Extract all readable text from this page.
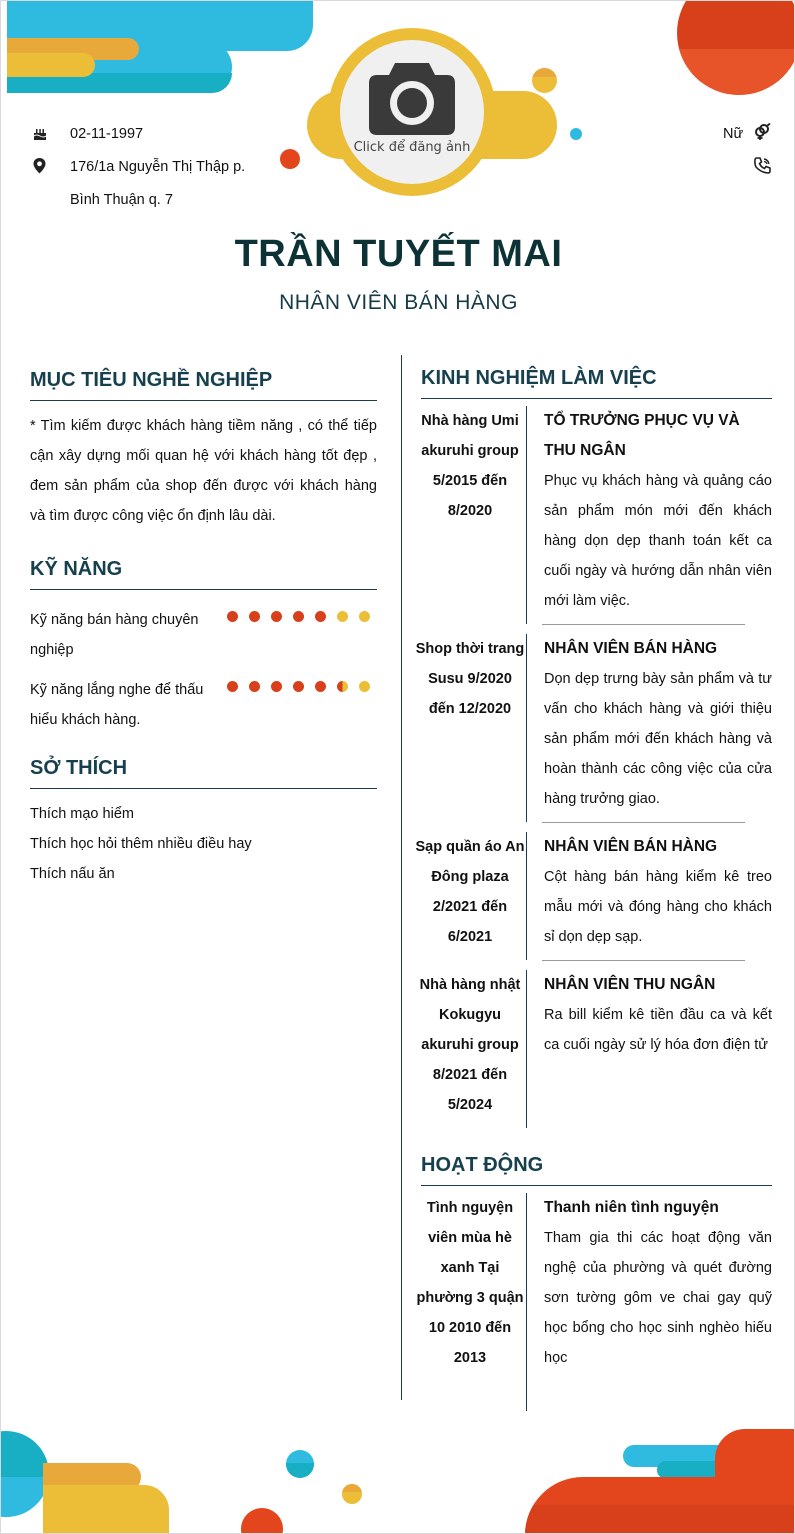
Click để đăng ảnh
02-11-1997
176/1a Nguyễn Thị Thập p.
Bình Thuận q. 7
Nữ
TRẦN TUYẾT MAI
NHÂN VIÊN BÁN HÀNG
MỤC TIÊU NGHỀ NGHIỆP
* Tìm kiếm được khách hàng tiềm năng , có thể tiếp cận xây dựng mối quan hệ với khách hàng tốt đẹp , đem sản phẩm của shop đến được với khách hàng và tìm được công việc ổn định lâu dài.
KỸ NĂNG
Kỹ năng bán hàng chuyên nghiệp
Kỹ năng lắng nghe để thấu hiểu khách hàng.
SỞ THÍCH
Thích mạo hiểm
Thích học hỏi thêm nhiều điều hay
Thích nấu ăn
KINH NGHIỆM LÀM VIỆC
Nhà hàng Umi akuruhi group 5/2015 đến 8/2020
TỔ TRƯỞNG PHỤC VỤ VÀ THU NGÂN
Phục vụ khách hàng và quảng cáo sản phẩm món mới đến khách hàng dọn dẹp thanh toán kết ca cuối ngày và hướng dẫn nhân viên mới làm việc.
Shop thời trang Susu 9/2020 đến 12/2020
NHÂN VIÊN BÁN HÀNG
Dọn dẹp trưng bày sản phẩm và tư vấn cho khách hàng và giới thiệu sản phẩm mới đến khách hàng và hoàn thành các công việc của cửa hàng trưởng giao.
Sạp quần áo An Đông plaza 2/2021 đến 6/2021
NHÂN VIÊN BÁN HÀNG
Cột hàng bán hàng kiểm kê treo mẫu mới và đóng hàng cho khách sỉ dọn dẹp sạp.
Nhà hàng nhật Kokugyu akuruhi group 8/2021 đến 5/2024
NHÂN VIÊN THU NGÂN
Ra bill kiểm kê tiền đầu ca và kết ca cuối ngày sử lý hóa đơn điện tử
HOẠT ĐỘNG
Tình nguyện viên mùa hè xanh Tại phường 3 quận 10 2010 đến 2013
Thanh niên tình nguyện
Tham gia thi các hoạt động văn nghệ của phường và quét đường sơn tường gôm ve chai gay quỹ học bổng cho học sinh nghèo hiếu học
